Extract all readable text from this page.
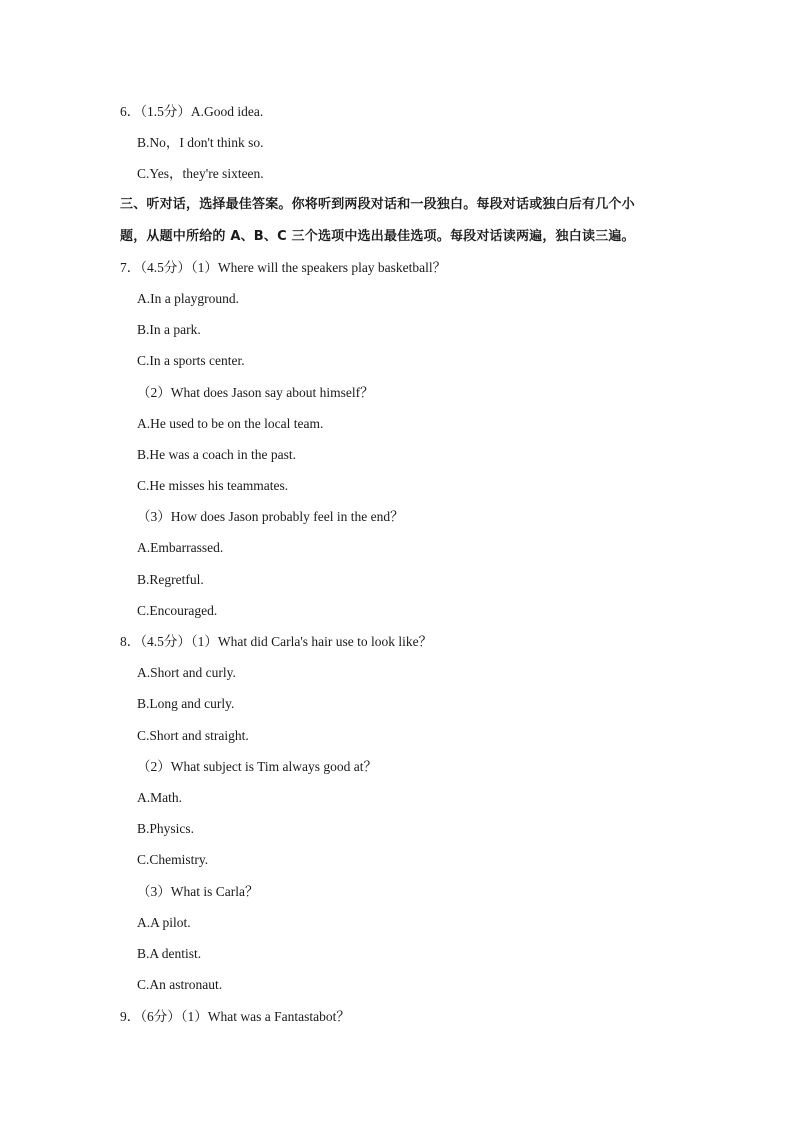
6．（1.5分）A.Good idea.
B.No，I don't think so.
C.Yes，they're sixteen.
三、听对话，选择最佳答案。你将听到两段对话和一段独白。每段对话或独白后有几个小
题，从题中所给的 A、B、C 三个选项中选出最佳选项。每段对话读两遍，独白读三遍。
7．（4.5分）（1）Where will the speakers play basketball？
A.In a playground.
B.In a park.
C.In a sports center.
（2）What does Jason say about himself？
A.He used to be on the local team.
B.He was a coach in the past.
C.He misses his teammates.
（3）How does Jason probably feel in the end？
A.Embarrassed.
B.Regretful.
C.Encouraged.
8．（4.5分）（1）What did Carla's hair use to look like？
A.Short and curly.
B.Long and curly.
C.Short and straight.
（2）What subject is Tim always good at？
A.Math.
B.Physics.
C.Chemistry.
（3）What is Carla？
A.A pilot.
B.A dentist.
C.An astronaut.
9．（6分）（1）What was a Fantastabot？
